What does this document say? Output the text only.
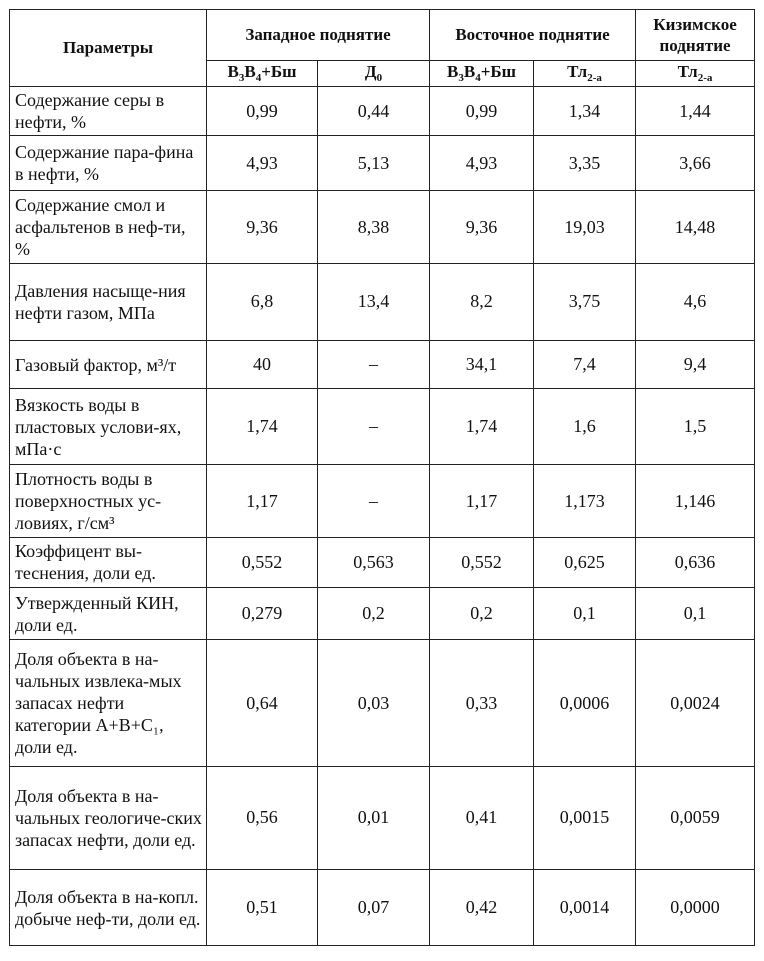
Параметры	Западное поднятие		Восточное поднятие		Кизимское поднятие
	$В_3В_4+Бш$	$Д_0$	$В_3В_4+Бш$	$Тл_{2-а}$	$Тл_{2-а}$
Содержание серы в нефти, %	0,99	0,44	0,99	1,34	1,44
Содержание пара-фина в нефти, %	4,93	5,13	4,93	3,35	3,66
Содержание смол и асфальтенов в неф-ти, %	9,36	8,38	9,36	19,03	14,48
Давления насыще-ния нефти газом, МПа	6,8	13,4	8,2	3,75	4,6
Газовый фактор, м³/т	40	–	34,1	7,4	9,4
Вязкость воды в пластовых услови-ях, мПа·с	1,74	–	1,74	1,6	1,5
Плотность воды в поверхностных ус-ловиях, г/см³	1,17	–	1,17	1,173	1,146
Коэффицент вы-теснения, доли ед.	0,552	0,563	0,552	0,625	0,636
Утвержденный КИН, доли ед.	0,279	0,2	0,2	0,1	0,1
Доля объекта в на-чальных извлека-мых запасах нефти категории А+В+С₁, доли ед.	0,64	0,03	0,33	0,0006	0,0024
Доля объекта в на-чальных геологиче-ских запасах нефти, доли ед.	0,56	0,01	0,41	0,0015	0,0059
Доля объекта в на-копл. добыче неф-ти, доли ед.	0,51	0,07	0,42	0,0014	0,0000
